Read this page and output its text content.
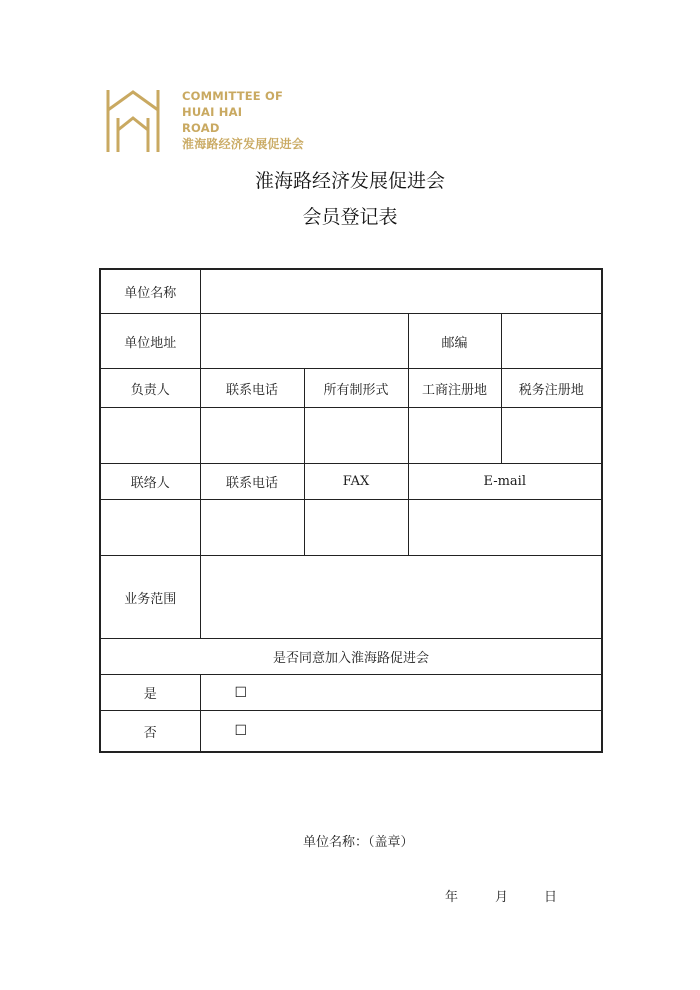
COMMITTEE OF
HUAI HAI
ROAD
淮海路经济发展促进会
淮海路经济发展促进会
会员登记表
单位名称				
单位地址			邮编	
负责人	联系电话	所有制形式	工商注册地	税务注册地

联络人	联系电话	FAX	E-mail	

业务范围				
是否同意加入淮海路促进会				
是	☐			
否	☐			
单位名称：（盖章）
年	月	日
